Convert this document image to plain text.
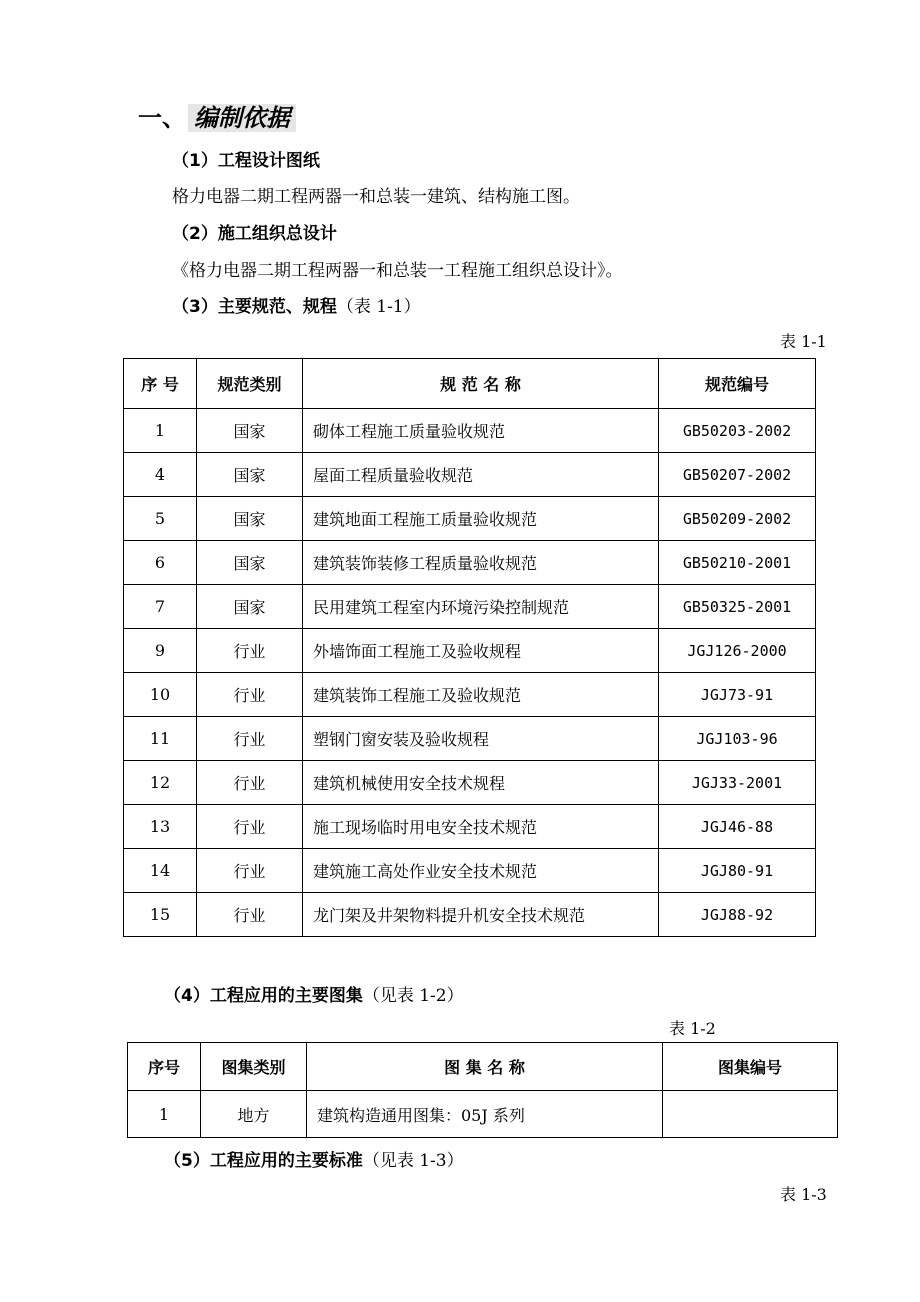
一、 编制依据
（1）工程设计图纸
格力电器二期工程两器一和总装一建筑、结构施工图。
（2）施工组织总设计
《格力电器二期工程两器一和总装一工程施工组织总设计》。
（3）主要规范、规程（表 1-1）
表 1-1
序 号	规范类别	规 范 名 称	规范编号
1	国家	砌体工程施工质量验收规范	GB50203-2002
4	国家	屋面工程质量验收规范	GB50207-2002
5	国家	建筑地面工程施工质量验收规范	GB50209-2002
6	国家	建筑装饰装修工程质量验收规范	GB50210-2001
7	国家	民用建筑工程室内环境污染控制规范	GB50325-2001
9	行业	外墙饰面工程施工及验收规程	JGJ126-2000
10	行业	建筑装饰工程施工及验收规范	JGJ73-91
11	行业	塑钢门窗安装及验收规程	JGJ103-96
12	行业	建筑机械使用安全技术规程	JGJ33-2001
13	行业	施工现场临时用电安全技术规范	JGJ46-88
14	行业	建筑施工高处作业安全技术规范	JGJ80-91
15	行业	龙门架及井架物料提升机安全技术规范	JGJ88-92
（4）工程应用的主要图集（见表 1-2）
表 1-2
序号	图集类别	图 集 名 称	图集编号
1	地方	建筑构造通用图集：05J 系列	
（5）工程应用的主要标准（见表 1-3）
表 1-3
